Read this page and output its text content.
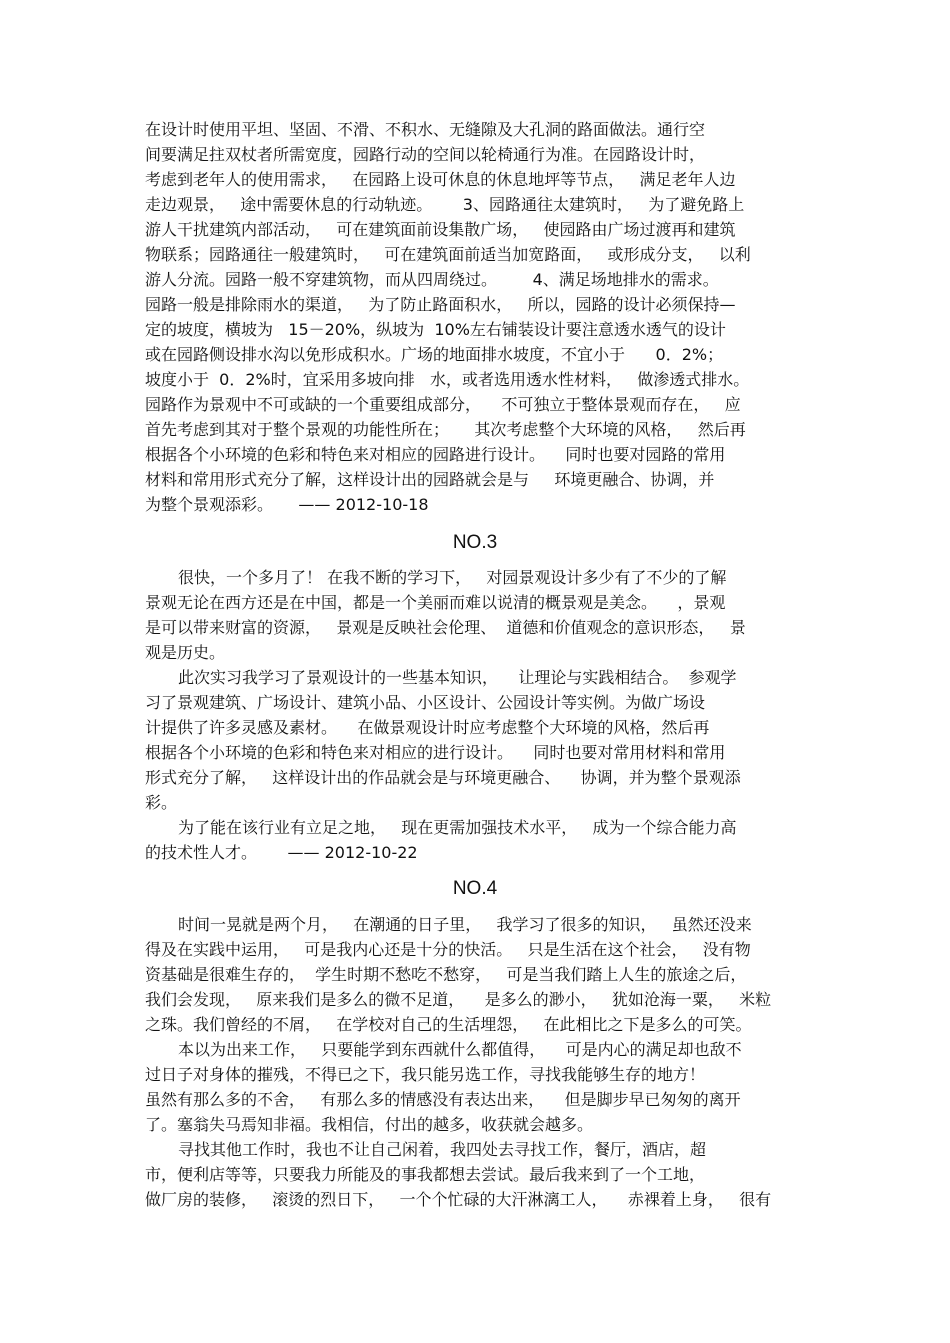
在设计时使用平坦、坚固、不滑、不积水、无缝隙及大孔洞的路面做法。通行空
间要满足拄双杖者所需宽度，园路行动的空间以轮椅通行为准。在园路设计时，
考虑到老年人的使用需求，   在园路上设可休息的休息地坪等节点，   满足老年人边
走边观景，   途中需要休息的行动轨迹。      3、园路通往太建筑时，   为了避免路上
游人干扰建筑内部活动，   可在建筑面前设集散广场，   使园路由广场过渡再和建筑
物联系；园路通往一般建筑时，   可在建筑面前适当加宽路面，   或形成分支，   以利
游人分流。园路一般不穿建筑物，而从四周绕过。       4、满足场地排水的需求。
园路一般是排除雨水的渠道，   为了防止路面积水，   所以，园路的设计必须保持—
定的坡度，横坡为   15－20%，纵坡为  10%左右铺装设计要注意透水透气的设计
或在园路侧设排水沟以免形成积水。广场的地面排水坡度，不宜小于      0．2%；
坡度小于  0．2%时，宜采用多坡向排   水，或者选用透水性材料，   做渗透式排水。
园路作为景观中不可或缺的一个重要组成部分，    不可独立于整体景观而存在，   应
首先考虑到其对于整个景观的功能性所在；     其次考虑整个大环境的风格，   然后再
根据各个小环境的色彩和特色来对相应的园路进行设计。    同时也要对园路的常用
材料和常用形式充分了解，这样设计出的园路就会是与     环境更融合、协调，并
为整个景观添彩。     —— 2012-10-18
NO.3
很快，一个多月了！ 在我不断的学习下，   对园景观设计多少有了不少的了解
景观无论在西方还是在中国，都是一个美丽而难以说清的概景观是美念。    ，景观
是可以带来财富的资源，   景观是反映社会伦理、  道德和价值观念的意识形态，   景
观是历史。
此次实习我学习了景观设计的一些基本知识，    让理论与实践相结合。  参观学
习了景观建筑、广场设计、建筑小品、小区设计、公园设计等实例。为做广场设
计提供了许多灵感及素材。    在做景观设计时应考虑整个大环境的风格，然后再
根据各个小环境的色彩和特色来对相应的进行设计。    同时也要对常用材料和常用
形式充分了解，   这样设计出的作品就会是与环境更融合、    协调，并为整个景观添
彩。
为了能在该行业有立足之地，   现在更需加强技术水平，   成为一个综合能力高
的技术性人才。      —— 2012-10-22
NO.4
时间一晃就是两个月，   在潮通的日子里，   我学习了很多的知识，   虽然还没来
得及在实践中运用，   可是我内心还是十分的快活。   只是生活在这个社会，   没有物
资基础是很难生存的，  学生时期不愁吃不愁穿，   可是当我们踏上人生的旅途之后，
我们会发现，   原来我们是多么的微不足道，    是多么的渺小，   犹如沧海一粟，   米粒
之珠。我们曾经的不屑，   在学校对自己的生活埋怨，   在此相比之下是多么的可笑。
本以为出来工作，   只要能学到东西就什么都值得，    可是内心的满足却也敌不
过日子对身体的摧残，不得已之下，我只能另选工作，寻找我能够生存的地方！
虽然有那么多的不舍，   有那么多的情感没有表达出来，    但是脚步早已匆匆的离开
了。塞翁失马焉知非福。我相信，付出的越多，收获就会越多。
寻找其他工作时，我也不让自己闲着，我四处去寻找工作，餐厅，酒店，超
市，便利店等等，只要我力所能及的事我都想去尝试。最后我来到了一个工地，
做厂房的装修，   滚烫的烈日下，   一个个忙碌的大汗淋漓工人，    赤裸着上身，   很有
